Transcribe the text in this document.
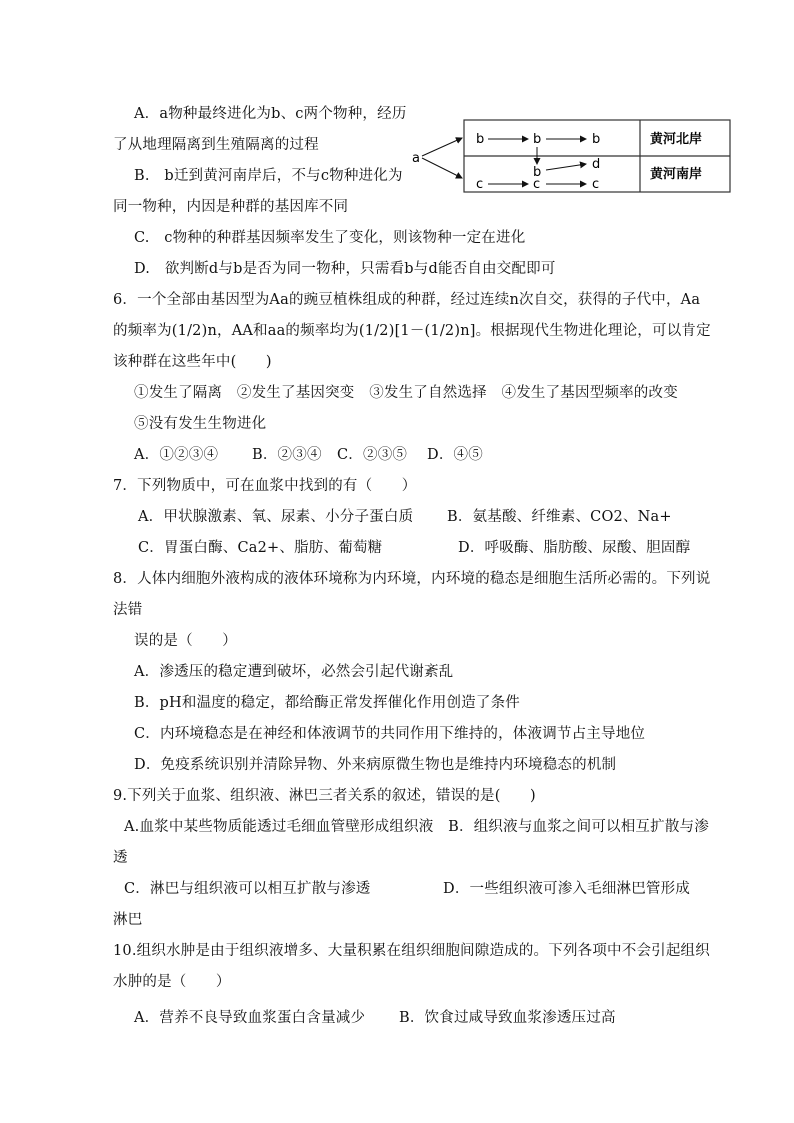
A．a物种最终进化为b、c两个物种，经历
了从地理隔离到生殖隔离的过程
B.　b迁到黄河南岸后，不与c物种进化为
同一物种，内因是种群的基因库不同
C.　c物种的种群基因频率发生了变化，则该物种一定在进化
D.　欲判断d与b是否为同一物种，只需看b与d能否自由交配即可
a
b	b	b	黄河北岸
b
d
c	c	c
黄河南岸
6．一个全部由基因型为Aa的豌豆植株组成的种群，经过连续n次自交，获得的子代中，Aa
的频率为(1/2)n，AA和aa的频率均为(1/2)[1－(1/2)n]。根据现代生物进化理论，可以肯定
该种群在这些年中(　　)
①发生了隔离　②发生了基因突变　③发生了自然选择　④发生了基因型频率的改变
⑤没有发生生物进化
A．①②③④ B．②③④ C．②③⑤ D．④⑤
7．下列物质中，可在血浆中找到的有（　　）
A．甲状腺激素、氧、尿素、小分子蛋白质 B．氨基酸、纤维素、CO2、Na+
C．胃蛋白酶、Ca2+、脂肪、葡萄糖	D．呼吸酶、脂肪酸、尿酸、胆固醇
8．人体内细胞外液构成的液体环境称为内环境，内环境的稳态是细胞生活所必需的。下列说
法错
误的是（　　）
A．渗透压的稳定遭到破坏，必然会引起代谢紊乱
B．pH和温度的稳定，都给酶正常发挥催化作用创造了条件
C．内环境稳态是在神经和体液调节的共同作用下维持的，体液调节占主导地位
D．免疫系统识别并清除异物、外来病原微生物也是维持内环境稳态的机制
9.下列关于血浆、组织液、淋巴三者关系的叙述，错误的是(　　)
A.血浆中某些物质能透过毛细血管壁形成组织液　B．组织液与血浆之间可以相互扩散与渗
透
C．淋巴与组织液可以相互扩散与渗透	D．一些组织液可渗入毛细淋巴管形成
淋巴
10.组织水肿是由于组织液增多、大量积累在组织细胞间隙造成的。下列各项中不会引起组织
水肿的是（　　）
A．营养不良导致血浆蛋白含量减少 B．饮食过咸导致血浆渗透压过高
